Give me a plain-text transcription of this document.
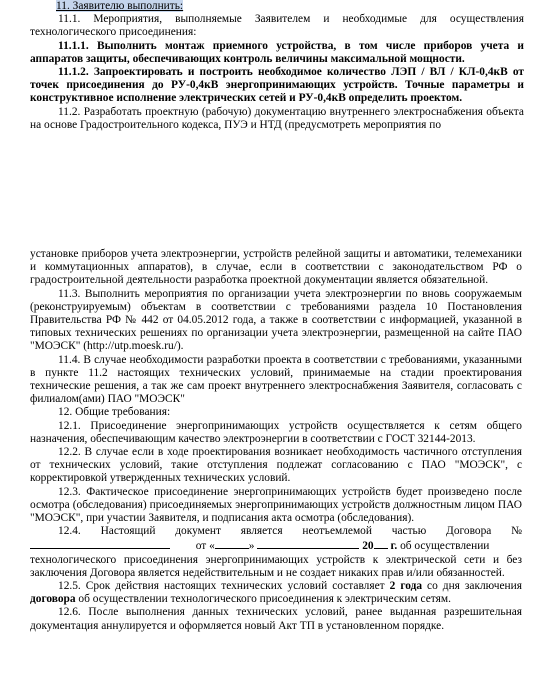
11. Заявителю выполнить:

11.1. Мероприятия, выполняемые Заявителем и необходимые для осуществления технологического присоединения:

11.1.1. Выполнить монтаж приемного устройства, в том числе приборов учета и аппаратов защиты, обеспечивающих контроль величины максимальной мощности.

11.1.2. Запроектировать и построить необходимое количество ЛЭП / ВЛ / КЛ-0,4кВ от точек присоединения до РУ-0,4кВ энергопринимающих устройств. Точные параметры и конструктивное исполнение электрических сетей и РУ-0,4кВ определить проектом.

11.2. Разработать проектную (рабочую) документацию внутреннего электроснабжения объекта на основе Градостроительного кодекса, ПУЭ и НТД (предусмотреть мероприятия по

установке приборов учета электроэнергии, устройств релейной защиты и автоматики, телемеханики и коммутационных аппаратов), в случае, если в соответствии с законодательством РФ о градостроительной деятельности разработка проектной документации является обязательной.

11.3. Выполнить мероприятия по организации учета электроэнергии по вновь сооружаемым (реконструируемым) объектам в соответствии с требованиями раздела 10 Постановления Правительства РФ № 442 от 04.05.2012 года, а также в соответствии с информацией, указанной в типовых технических решениях по организации учета электроэнергии, размещенной на сайте ПАО "МОЭСК" (http://utp.moesk.ru/).

11.4. В случае необходимости разработки проекта в соответствии с требованиями, указанными в пункте 11.2 настоящих технических условий, принимаемые на стадии проектирования технические решения, а так же сам проект внутреннего электроснабжения Заявителя, согласовать с филиалом(ами) ПАО "МОЭСК"

12. Общие требования:

12.1. Присоединение энергопринимающих устройств осуществляется к сетям общего назначения, обеспечивающим качество электроэнергии в соответствии с ГОСТ 32144-2013.

12.2. В случае если в ходе проектирования возникает необходимость частичного отступления от технических условий, такие отступления подлежат согласованию с ПАО "МОЭСК", с корректировкой утвержденных технических условий.

12.3. Фактическое присоединение энергопринимающих устройств будет произведено после осмотра (обследования) присоединяемых энергопринимающих устройств должностным лицом ПАО "МОЭСК", при участии Заявителя, и подписания акта осмотра (обследования).

12.4. Настоящий документ является неотъемлемой частью Договора №

от «	»	20 г. об осуществлении

технологического присоединения энергопринимающих устройств к электрической сети и без заключения Договора является недействительным и не создает никаких прав и/или обязанностей.

12.5. Срок действия настоящих технических условий составляет 2 года со дня заключения договора об осуществлении технологического присоединения к электрическим сетям.

12.6. После выполнения данных технических условий, ранее выданная разрешительная документация аннулируется и оформляется новый Акт ТП в установленном порядке.
